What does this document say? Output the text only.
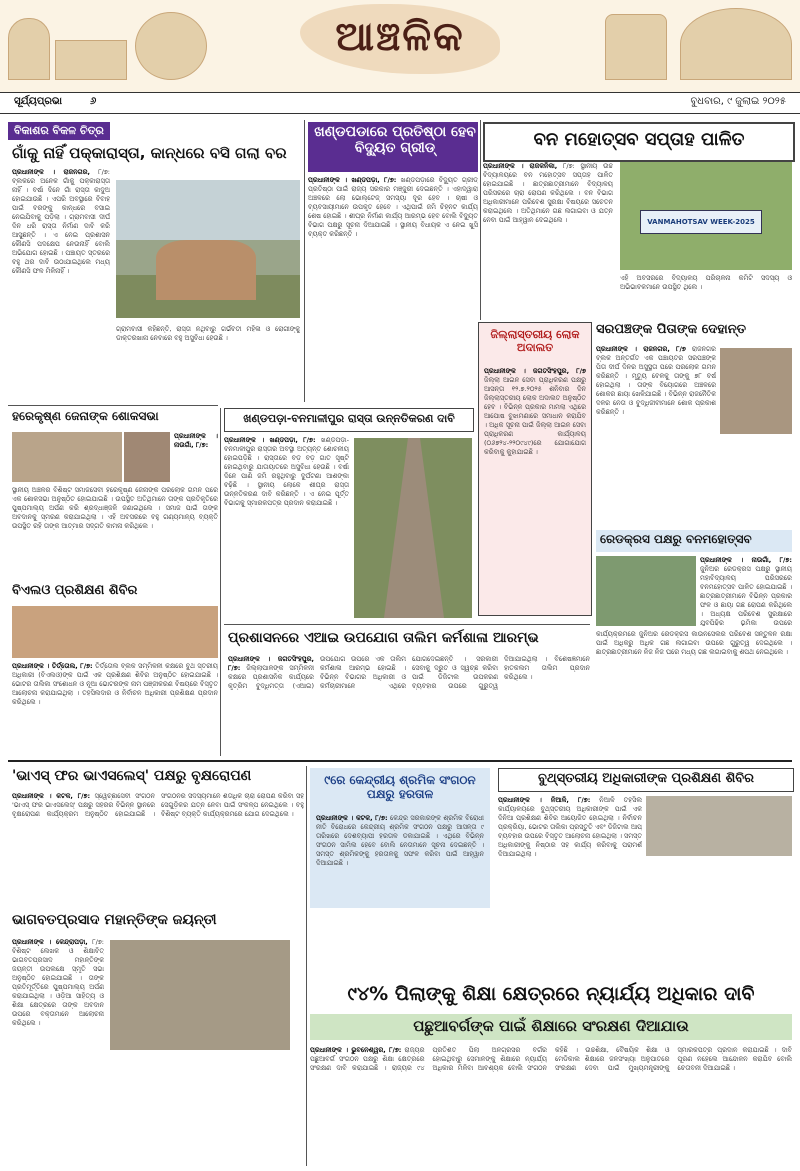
ଆଞ୍ଚଳିକ
ସୂର୍ଯ୍ୟପ୍ରଭା	୬	ବୁଧବାର, ୯ ଜୁଲାଇ ୨୦୨୫
ବିକାଶର ବିକଳ ଚିତ୍ର
ଗାଁକୁ ନାହିଁ ପକ୍କାରାସ୍ତା, କାନ୍ଧରେ ବସି ଗଲା ବର
ପ୍ରଧାନୀଙ୍କ । ରାଜନଗର, ୮/୭: ବ୍ଲକରେ ଅନେକ ଗାଁକୁ ପକ୍କାରାସ୍ତା ନାହିଁ । ବର୍ଷା ଦିନେ ଗାଁ ରାସ୍ତା କାଦୁଅ ହୋଇଯାଉଛି । ଏପରି ଅବସ୍ଥାରେ ବିବାହ ପାଇଁ ବରଙ୍କୁ କାନ୍ଧରେ ବସାଇ ନେଇଯିବାକୁ ପଡ଼ିଲା । ଗ୍ରାମବାସୀ ଦୀର୍ଘ ଦିନ ଧରି ରାସ୍ତା ନିର୍ମାଣ ଦାବି କରି ଆସୁଛନ୍ତି । ଏ ନେଇ ପ୍ରଶାସନ କୌଣସି ପଦକ୍ଷେପ ନେଉନାହିଁ ବୋଲି ଅଭିଯୋଗ ହୋଇଛି । ପଞ୍ଚାୟତ ସ୍ତରରେ ବହୁ ଥର ଦାବି ଉଠାଯାଇଥିଲେ ମଧ୍ୟ କୌଣସି ଫଳ ମିଳିନାହିଁ ।
ଗ୍ରାମବାସୀ କହିଛନ୍ତି, ରାସ୍ତା ନଥିବାରୁ ଗର୍ଭବତୀ ମହିଳା ଓ ରୋଗୀଙ୍କୁ ଡାକ୍ତରଖାନା ନେବାରେ ବହୁ ଅସୁବିଧା ହେଉଛି ।
ଖଣ୍ଡପଡାରେ ପ୍ରତିଷ୍ଠା ହେବ ବିଦ୍ୟୁତ ଗ୍ରୀଡ୍
ପ୍ରଧାନୀଙ୍କ । ଖଣ୍ଡପଡ଼ା, ୮/୭: ଖଣ୍ଡପଡ଼ାରେ ବିଦ୍ୟୁତ ଗ୍ରୀଡ୍ ପ୍ରତିଷ୍ଠା ପାଇଁ ରାଜ୍ୟ ସରକାର ମଞ୍ଜୁରୀ ଦେଇଛନ୍ତି । ଏହାଦ୍ୱାରା ଅଞ୍ଚଳରେ ଲୋ ଭୋଲ୍ଟେଜ୍ ସମସ୍ୟା ଦୂର ହେବ । ଚାଷୀ ଓ ବ୍ୟବସାୟୀମାନେ ଉପକୃତ ହେବେ । ଏଥିପାଇଁ ଜମି ଚିହ୍ନଟ କାର୍ଯ୍ୟ ଶେଷ ହୋଇଛି । ଶୀଘ୍ର ନିର୍ମାଣ କାର୍ଯ୍ୟ ଆରମ୍ଭ ହେବ ବୋଲି ବିଦ୍ୟୁତ ବିଭାଗ ପକ୍ଷରୁ ସୂଚନା ଦିଆଯାଇଛି । ସ୍ଥାନୀୟ ବିଧାୟକ ଏ ନେଇ ଖୁସି ବ୍ୟକ୍ତ କରିଛନ୍ତି ।
ଜିଲ୍ଲାସ୍ତରୀୟ ଲୋକ ଅଦାଲତ
ପ୍ରଧାନୀଙ୍କ । ଜଗତସିଂହପୁର, ୮/୭ ଜିଲ୍ଲା ଆଇନ ସେବା ପ୍ରାଧିକରଣ ପକ୍ଷରୁ ଆସନ୍ତା ୧୨.୭.୨୦୨୫ ଶନିବାର ଦିନ ଜିଲ୍ଲାସ୍ତରୀୟ ଲୋକ ଅଦାଲତ ଅନୁଷ୍ଠିତ ହେବ । ବିଭିନ୍ନ ପ୍ରକାର ମାମଲା ଏଥିରେ ଆପୋଷ ବୁଝାମଣାରେ ସମାଧାନ କରାଯିବ । ଅଧିକ ସୂଚନା ପାଇଁ ଜିଲ୍ଲା ଆଇନ ସେବା ପ୍ରାଧିକରଣ କାର୍ଯ୍ୟାଳୟ (୦୬୭୨୪-୨୨୦୯୪୯)ରେ ଯୋଗାଯୋଗ କରିବାକୁ କୁହାଯାଇଛି ।
ବନ ମହୋତ୍ସବ ସପ୍ତାହ ପାଳିତ
ପ୍ରଧାନୀଙ୍କ । ରାଜକନିକା, ୮/୭: ସ୍ଥାନୀୟ ଉଚ୍ଚ ବିଦ୍ୟାଳୟରେ ବନ ମହୋତ୍ସବ ସପ୍ତାହ ପାଳିତ ହୋଇଯାଇଛି । ଛାତ୍ରଛାତ୍ରୀମାନେ ବିଦ୍ୟାଳୟ ପରିସରରେ ଚାରା ରୋପଣ କରିଥିଲେ । ବନ ବିଭାଗ ଅଧିକାରୀମାନେ ପରିବେଶ ସୁରକ୍ଷା ବିଷୟରେ ସଚେତନ କରାଇଥିଲେ । ଅତିଥିମାନେ ଗଛ ଲଗାଇବା ଓ ଯତ୍ନ ନେବା ପାଇଁ ଆହ୍ୱାନ ଦେଇଥିଲେ ।	VANMAHOTSAV WEEK-2025
ଏହି ଅବସରରେ ବିଦ୍ୟାଳୟ ପରିଚାଳନା କମିଟି ସଦସ୍ୟ ଓ ଅଭିଭାବକମାନେ ଉପସ୍ଥିତ ଥିଲେ ।
ସରପଞ୍ଚଙ୍କ ପିତାଙ୍କ ଦେହାନ୍ତ
ପ୍ରଧାନୀଙ୍କ । ରାଜନଗର, ୮/୭ ରାଜନଗର ବ୍ଲକ ଅନ୍ତର୍ଗତ ଏକ ପଞ୍ଚାୟତର ସରପଞ୍ଚଙ୍କ ପିତା ଦୀର୍ଘ ଦିନର ଅସୁସ୍ଥତା ପରେ ପରଲୋକ ଗମନ କରିଛନ୍ତି । ମୃତ୍ୟୁ ବେଳକୁ ତାଙ୍କୁ ୭୮ ବର୍ଷ ହୋଇଥିଲା । ତାଙ୍କ ବିୟୋଗରେ ଅଞ୍ଚଳରେ ଶୋକର ଛାୟା ଖେଳିଯାଇଛି । ବିଭିନ୍ନ ରାଜନୈତିକ ଦଳର ନେତା ଓ ବୁଦ୍ଧିଜୀବୀମାନେ ଶୋକ ପ୍ରକାଶ କରିଛନ୍ତି ।
ରେଡକ୍ରସ ପକ୍ଷରୁ ବନମହୋତ୍ସବ
ପ୍ରଧାନୀଙ୍କ । ନାଉଗାଁ, ୮/୭: ଜୁନିଅର ରେଡକ୍ରସ ପକ୍ଷରୁ ସ୍ଥାନୀୟ ମହାବିଦ୍ୟାଳୟ ପରିସରରେ ବନମହୋତ୍ସବ ପାଳିତ ହୋଇଯାଇଛି । ଛାତ୍ରଛାତ୍ରୀମାନେ ବିଭିନ୍ନ ପ୍ରକାର ଫଳ ଓ ଛାୟା ଗଛ ରୋପଣ କରିଥିଲେ । ଅଧ୍ୟକ୍ଷ ପରିବେଶ ସୁରକ୍ଷାରେ ଯୁବପିଢ଼ିର ଭୂମିକା ଉପରେ
କାର୍ଯ୍ୟକ୍ରମରେ ଜୁନିଅର ରେଡକ୍ରସ କାଉନସେଲର ପରିବେଶ ସନ୍ତୁଳନ ରକ୍ଷା ପାଇଁ ଅଧିକରୁ ଅଧିକ ଗଛ ଲଗାଇବା ଉପରେ ଗୁରୁତ୍ୱ ଦେଇଥିଲେ । ଛାତ୍ରଛାତ୍ରୀମାନେ ନିଜ ନିଜ ଘରେ ମଧ୍ୟ ଗଛ ଲଗାଇବାକୁ ଶପଥ ନେଇଥିଲେ ।
ହରେକୃଷ୍ଣ ଜେନାଙ୍କ ଶୋକସଭା
ପ୍ରଧାନୀଙ୍କ । ନାଉଗାଁ, ୮/୭:
ସ୍ଥାନୀୟ ଅଞ୍ଚଳର ବିଶିଷ୍ଟ ସମାଜସେବୀ ହରେକୃଷ୍ଣ ଜେନାଙ୍କ ପରଲୋକ ଗମନ ପରେ ଏକ ଶୋକସଭା ଅନୁଷ୍ଠିତ ହୋଇଯାଇଛି । ଉପସ୍ଥିତ ଅତିଥିମାନେ ତାଙ୍କ ପ୍ରତିକୃତିରେ ପୁଷ୍ପମାଲ୍ୟ ଅର୍ପଣ କରି ଶ୍ରଦ୍ଧାଞ୍ଜଳି ଜଣାଇଥିଲେ । ସମାଜ ପାଇଁ ତାଙ୍କ ଅବଦାନକୁ ସ୍ମରଣ କରାଯାଇଥିଲା । ଏହି ଅବସରରେ ବହୁ ଗଣ୍ୟମାନ୍ୟ ବ୍ୟକ୍ତି ଉପସ୍ଥିତ ରହି ତାଙ୍କ ଆତ୍ମାର ସଦ୍‌ଗତି କାମନା କରିଥିଲେ ।
ଖଣ୍ଡପଡ଼ା-ବନମାଳୀପୁର ରାସ୍ତା ଉନ୍ନତିକରଣ ଦାବି
ପ୍ରଧାନୀଙ୍କ । ଖଣ୍ଡପଡ଼ା, ୮/୭: ଖଣ୍ଡପଡ଼ା-ବନମାଳୀପୁର ରାସ୍ତାର ଅବସ୍ଥା ଅତ୍ୟନ୍ତ ଶୋଚନୀୟ ହୋଇପଡ଼ିଛି । ରାସ୍ତାରେ ବଡ଼ ବଡ଼ ଗାତ ସୃଷ୍ଟି ହୋଇଥିବାରୁ ଯାତାୟାତରେ ଅସୁବିଧା ହେଉଛି । ବର୍ଷା ଦିନେ ପାଣି ଜମି ରହୁଥିବାରୁ ଦୁର୍ଘଟଣା ଆଶଙ୍କା ବଢ଼ିଛି । ସ୍ଥାନୀୟ ଲୋକେ ଶୀଘ୍ର ରାସ୍ତା ଉନ୍ନତିକରଣ ଦାବି କରିଛନ୍ତି । ଏ ନେଇ ପୂର୍ତ୍ତ ବିଭାଗକୁ ସ୍ମାରକପତ୍ର ପ୍ରଦାନ କରାଯାଇଛି ।
ବିଏଲଓ ପ୍ରଶିକ୍ଷଣ ଶିବିର
ପ୍ରଧାନୀଙ୍କ । ତିର୍ତ୍ତୋଲ, ୮/୭: ତିର୍ତ୍ତୋଲ ବ୍ଲକ ସମ୍ମିଳନୀ କକ୍ଷରେ ବୁଥ ସ୍ତରୀୟ ଅଧିକାରୀ (ବିଏଲଓ)ଙ୍କ ପାଇଁ ଏକ ପ୍ରଶିକ୍ଷଣ ଶିବିର ଅନୁଷ୍ଠିତ ହୋଇଯାଇଛି । ଭୋଟର ତାଲିକା ସଂଶୋଧନ ଓ ନୂଆ ଭୋଟରଙ୍କ ନାମ ପଞ୍ଜୀକରଣ ବିଷୟରେ ବିସ୍ତୃତ ଆଲୋଚନା କରାଯାଇଥିଲା । ତହସିଲଦାର ଓ ନିର୍ବାଚନ ଅଧିକାରୀ ପ୍ରଶିକ୍ଷଣ ପ୍ରଦାନ କରିଥିଲେ ।
ପ୍ରଶାସନରେ ଏଆଇ ଉପଯୋଗ ତାଲିମ କର୍ମଶାଳା ଆରମ୍ଭ
ପ୍ରଧାନୀଙ୍କ । ଜଗତସିଂହପୁର, ୮/୭: ଜିଲ୍ଲାପାଳଙ୍କ ସମ୍ମିଳନୀ କକ୍ଷରେ ପ୍ରଶାସନିକ କାର୍ଯ୍ୟରେ କୃତ୍ରିମ ବୁଦ୍ଧିମତ୍ତା (ଏଆଇ) ଉପଯୋଗ ଉପରେ ଏକ ତାଲିମ କର୍ମଶାଳା ଆରମ୍ଭ ହୋଇଛି । ବିଭିନ୍ନ ବିଭାଗର ଅଧିକାରୀ ଓ କର୍ମଚାରୀମାନେ ଏଥିରେ ଯୋଗଦେଇଛନ୍ତି । ସରକାରୀ ସେବାକୁ ଦ୍ରୁତ ଓ ସ୍ୱଚ୍ଛ କରିବା ପାଇଁ ଡିଜିଟାଲ ଉପକରଣ ବ୍ୟବହାର ଉପରେ ଗୁରୁତ୍ୱ ଦିଆଯାଇଥିଲା । ବିଶେଷଜ୍ଞମାନେ ହାତକଲମ ତାଲିମ ପ୍ରଦାନ କରିଥିଲେ ।
'ଭାଏସ୍ ଫର ଭାଏସଲେସ୍' ପକ୍ଷରୁ ବୃକ୍ଷରୋପଣ
ପ୍ରଧାନୀଙ୍କ । କଟକ, ୮/୭: ସ୍ୱେଚ୍ଛାସେବୀ ସଂଗଠନ 'ଭାଏସ୍ ଫର ଭାଏସଲେସ୍' ପକ୍ଷରୁ ସହରର ବିଭିନ୍ନ ସ୍ଥାନରେ ବୃକ୍ଷରୋପଣ କାର୍ଯ୍ୟକ୍ରମ ଅନୁଷ୍ଠିତ ହୋଇଯାଇଛି । ସଂଗଠନର ସଦସ୍ୟମାନେ ଶତାଧିକ ଚାରା ରୋପଣ କରିବା ସହ ସେଗୁଡ଼ିକର ଯତ୍ନ ନେବା ପାଇଁ ସଂକଳ୍ପ ନେଇଥିଲେ । ବହୁ ବିଶିଷ୍ଟ ବ୍ୟକ୍ତି କାର୍ଯ୍ୟକ୍ରମରେ ଯୋଗ ଦେଇଥିଲେ ।
୯ରେ କେନ୍ଦ୍ରୀୟ ଶ୍ରମିକ ସଂଗଠନ ପକ୍ଷରୁ ହରତାଳ
ପ୍ରଧାନୀଙ୍କ । କଟକ, ୮/୭: କେନ୍ଦ୍ର ସରକାରଙ୍କ ଶ୍ରମିକ ବିରୋଧୀ ନୀତି ବିରୋଧରେ କେନ୍ଦ୍ରୀୟ ଶ୍ରମିକ ସଂଗଠନ ପକ୍ଷରୁ ଆସନ୍ତା ୯ ତାରିଖରେ ଦେଶବ୍ୟାପୀ ହରତାଳ ଡକାଯାଇଛି । ଏଥିରେ ବିଭିନ୍ନ ସଂଗଠନ ସାମିଲ ହେବେ ବୋଲି ନେତାମାନେ ସୂଚନା ଦେଇଛନ୍ତି । ସମସ୍ତ ଶ୍ରମିକଙ୍କୁ ହରତାଳକୁ ସଫଳ କରିବା ପାଇଁ ଆହ୍ୱାନ ଦିଆଯାଇଛି ।
ବୁଥ୍‌ସ୍ତରୀୟ ଅଧିକାରୀଙ୍କ ପ୍ରଶିକ୍ଷଣ ଶିବିର
ପ୍ରଧାନୀଙ୍କ । ନିଆଳି, ୮/୭: ନିଆଳି ତହସିଲ କାର୍ଯ୍ୟାଳୟରେ ବୁଥ୍‌ସ୍ତରୀୟ ଅଧିକାରୀଙ୍କ ପାଇଁ ଏକ ଦିନିଆ ପ୍ରଶିକ୍ଷଣ ଶିବିର ଆୟୋଜିତ ହୋଇଥିଲା । ନିର୍ବାଚନ ପ୍ରକ୍ରିୟା, ଭୋଟର ତାଲିକା ପ୍ରସ୍ତୁତି ଏବଂ ଡିଜିଟାଲ ଆପ୍ ବ୍ୟବହାର ଉପରେ ବିସ୍ତୃତ ଆଲୋଚନା ହୋଇଥିଲା । ସମସ୍ତ ଅଧିକାରୀଙ୍କୁ ନିଷ୍ଠାର ସହ କାର୍ଯ୍ୟ କରିବାକୁ ପରାମର୍ଶ ଦିଆଯାଇଥିଲା ।
ଭାଗବତପ୍ରସାଦ ମହାନ୍ତିଙ୍କ ଜୟନ୍ତୀ
ପ୍ରଧାନୀଙ୍କ । କେନ୍ଦ୍ରାପଡ଼ା, ୮/୭: ବିଶିଷ୍ଟ ଲେଖକ ଓ ଶିକ୍ଷାବିତ୍ ଭାଗବତପ୍ରସାଦ ମହାନ୍ତିଙ୍କ ଜୟନ୍ତୀ ଉପଲକ୍ଷେ ସ୍ମୃତି ସଭା ଅନୁଷ୍ଠିତ ହୋଇଯାଇଛି । ତାଙ୍କ ପ୍ରତିମୂର୍ତ୍ତିରେ ପୁଷ୍ପମାଲ୍ୟ ଅର୍ପଣ କରାଯାଇଥିଲା । ଓଡ଼ିଆ ସାହିତ୍ୟ ଓ ଶିକ୍ଷା କ୍ଷେତ୍ରରେ ତାଙ୍କ ଅବଦାନ ଉପରେ ବକ୍ତାମାନେ ଆଲୋଚନା କରିଥିଲେ ।
୯୪% ପିଲାଙ୍କୁ ଶିକ୍ଷା କ୍ଷେତ୍ରରେ ନ୍ୟାର୍ଯ୍ୟ ଅଧିକାର ଦାବି
ପଛୁଆବର୍ଗଙ୍କ ପାଇଁ ଶିକ୍ଷାରେ ସଂରକ୍ଷଣ ଦିଆଯାଉ
ପ୍ରଧାନୀଙ୍କ । ଭୁବନେଶ୍ୱର, ୮/୭: ରାଜ୍ୟର ପଛୁଆବର୍ଗ ସଂଗଠନ ପକ୍ଷରୁ ଶିକ୍ଷା କ୍ଷେତ୍ରରେ ସଂରକ୍ଷଣ ଦାବି କରାଯାଇଛି । ରାଜ୍ୟର ୯୪ ପ୍ରତିଶତ ପିଲା ଅନଗ୍ରସର ବର୍ଗର ହୋଇଥିବାରୁ ସେମାନଙ୍କୁ ଶିକ୍ଷାରେ ନ୍ୟାର୍ଯ୍ୟ ଅଧିକାର ମିଳିବା ଆବଶ୍ୟକ ବୋଲି ସଂଗଠନ କହିଛି । ଉଚ୍ଚଶିକ୍ଷା, ବୈଷୟିକ ଶିକ୍ଷା ଓ ମେଡିକାଲ ଶିକ୍ଷାରେ ଜନସଂଖ୍ୟା ଅନୁପାତରେ ସଂରକ୍ଷଣ ଦେବା ପାଇଁ ମୁଖ୍ୟମନ୍ତ୍ରୀଙ୍କୁ ସ୍ମାରକପତ୍ର ପ୍ରଦାନ କରାଯାଇଛି । ଦାବି ପୂରଣ ନହେଲେ ଆନ୍ଦୋଳନ କରାଯିବ ବୋଲି ଚେତାବନୀ ଦିଆଯାଇଛି ।
